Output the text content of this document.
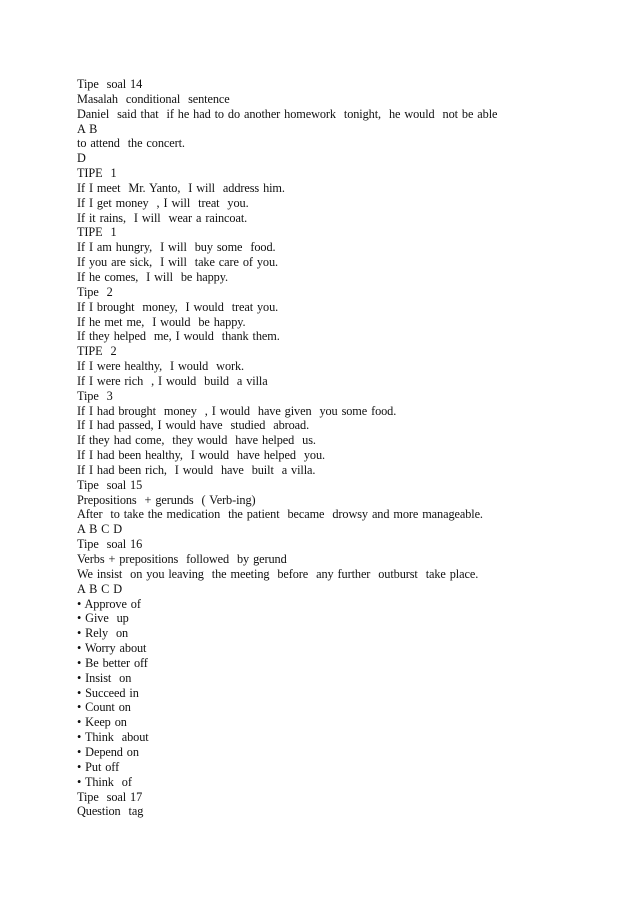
Tipe  soal 14
Masalah  conditional  sentence
Daniel  said that  if he had to do another homework  tonight,  he would  not be able
A B
to attend  the concert.
D
TIPE  1
If I meet  Mr. Yanto,  I will  address him.
If I get money  , I will  treat  you.
If it rains,  I will  wear a raincoat.
TIPE  1
If I am hungry,  I will  buy some  food.
If you are sick,  I will  take care of you.
If he comes,  I will  be happy.
Tipe  2
If I brought  money,  I would  treat you.
If he met me,  I would  be happy.
If they helped  me, I would  thank them.
TIPE  2
If I were healthy,  I would  work.
If I were rich  , I would  build  a villa
Tipe  3
If I had brought  money  , I would  have given  you some food.
If I had passed, I would have  studied  abroad.
If they had come,  they would  have helped  us.
If I had been healthy,  I would  have helped  you.
If I had been rich,  I would  have  built  a villa.
Tipe  soal 15
Prepositions  + gerunds  ( Verb-ing)
After  to take the medication  the patient  became  drowsy and more manageable.
A B C D
Tipe  soal 16
Verbs + prepositions  followed  by gerund
We insist  on you leaving  the meeting  before  any further  outburst  take place.
A B C D
• Approve of
• Give  up
• Rely  on
• Worry about
• Be better off
• Insist  on
• Succeed in
• Count on
• Keep on
• Think  about
• Depend on
• Put off
• Think  of
Tipe  soal 17
Question  tag
